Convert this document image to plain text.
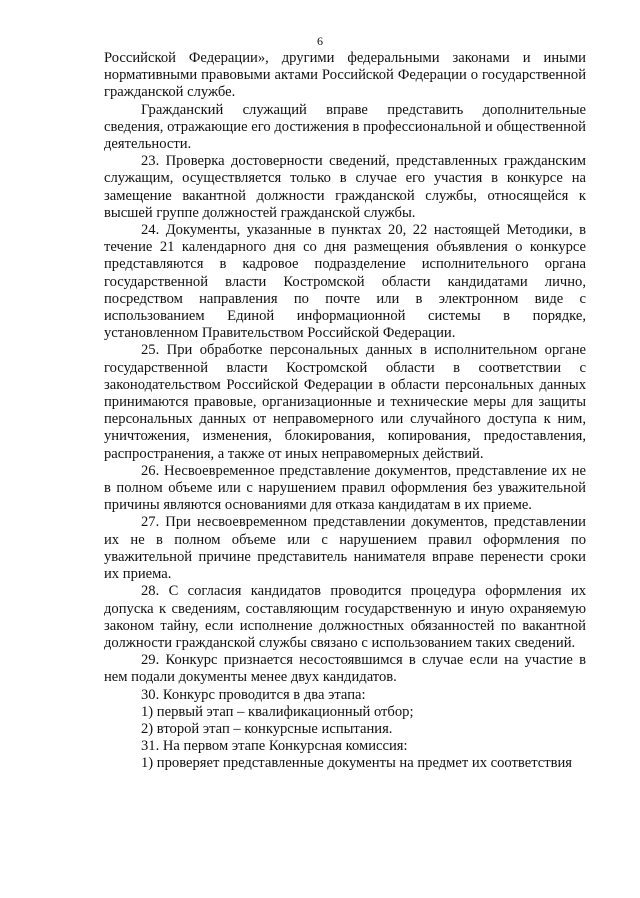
6

Российской Федерации», другими федеральными законами и иными нормативными правовыми актами Российской Федерации о государственной гражданской службе.

Гражданский служащий вправе представить дополнительные сведения, отражающие его достижения в профессиональной и общественной деятельности.

23. Проверка достоверности сведений, представленных гражданским служащим, осуществляется только в случае его участия в конкурсе на замещение вакантной должности гражданской службы, относящейся к высшей группе должностей гражданской службы.

24. Документы, указанные в пунктах 20, 22 настоящей Методики, в течение 21 календарного дня со дня размещения объявления о конкурсе представляются в кадровое подразделение исполнительного органа государственной власти Костромской области кандидатами лично, посредством направления по почте или в электронном виде с использованием Единой информационной системы в порядке, установленном Правительством Российской Федерации.

25. При обработке персональных данных в исполнительном органе государственной власти Костромской области в соответствии с законодательством Российской Федерации в области персональных данных принимаются правовые, организационные и технические меры для защиты персональных данных от неправомерного или случайного доступа к ним, уничтожения, изменения, блокирования, копирования, предоставления, распространения, а также от иных неправомерных действий.

26. Несвоевременное представление документов, представление их не в полном объеме или с нарушением правил оформления без уважительной причины являются основаниями для отказа кандидатам в их приеме.

27. При несвоевременном представлении документов, представлении их не в полном объеме или с нарушением правил оформления по уважительной причине представитель нанимателя вправе перенести сроки их приема.

28. С согласия кандидатов проводится процедура оформления их допуска к сведениям, составляющим государственную и иную охраняемую законом тайну, если исполнение должностных обязанностей по вакантной должности гражданской службы связано с использованием таких сведений.

29. Конкурс признается несостоявшимся в случае если на участие в нем подали документы менее двух кандидатов.

30. Конкурс проводится в два этапа:

1) первый этап – квалификационный отбор;

2) второй этап – конкурсные испытания.

31. На первом этапе Конкурсная комиссия:

1) проверяет представленные документы на предмет их соответствия
